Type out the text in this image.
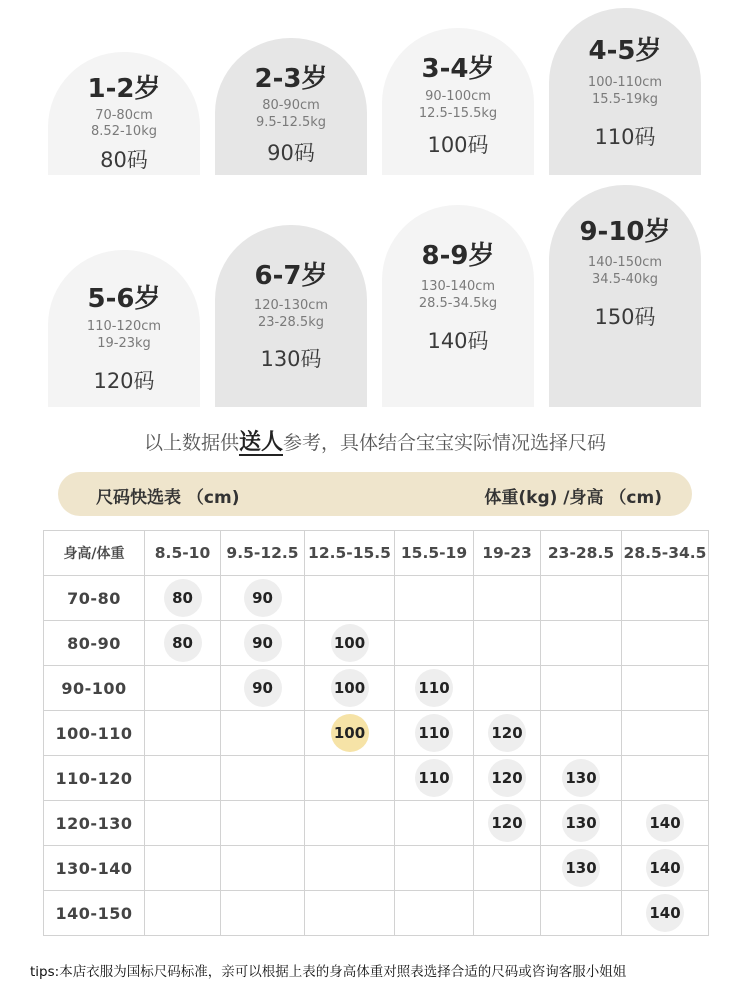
1-2岁
70-80cm
8.52-10kg
80码
2-3岁
80-90cm
9.5-12.5kg
90码
3-4岁
90-100cm
12.5-15.5kg
100码
4-5岁
100-110cm
15.5-19kg
110码
5-6岁
110-120cm
19-23kg
120码
6-7岁
120-130cm
23-28.5kg
130码
8-9岁
130-140cm
28.5-34.5kg
140码
9-10岁
140-150cm
34.5-40kg
150码
以上数据供送人参考，具体结合宝宝实际情况选择尺码
尺码快选表 （cm)	体重(kg) /身高 （cm)
身高/体重	8.5-10	9.5-12.5	12.5-15.5	15.5-19	19-23	23-28.5	28.5-34.5
70-80	80	90					
80-90	80	90	100				
90-100		90	100	110			
100-110			100	110	120		
110-120				110	120	130	
120-130					120	130	140
130-140						130	140
140-150							140
tips:本店衣服为国标尺码标准，亲可以根据上表的身高体重对照表选择合适的尺码或咨询客服小姐姐
